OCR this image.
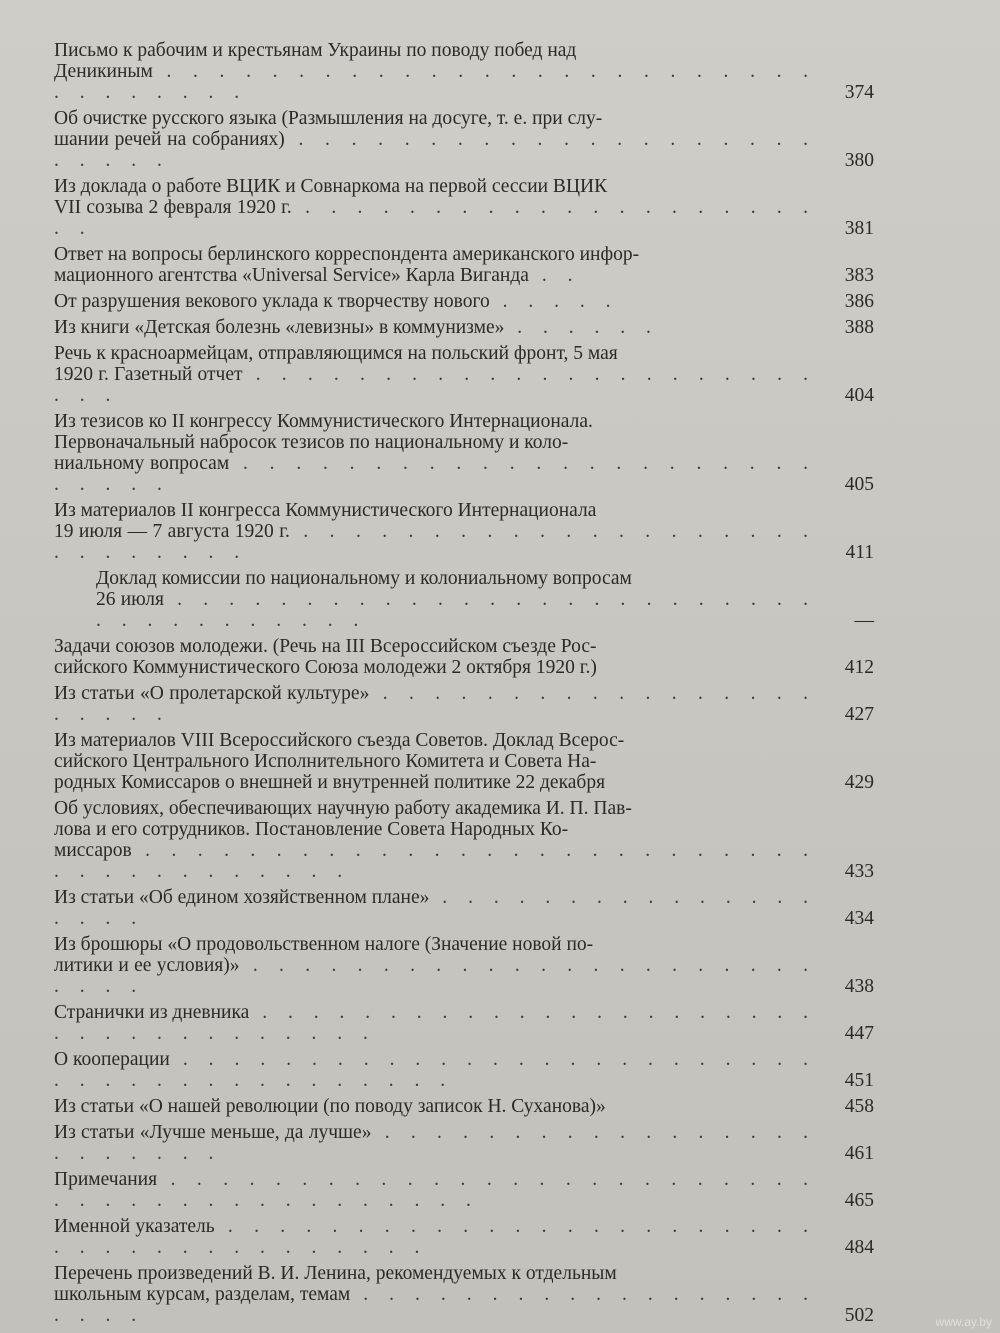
Письмо к рабочим и крестьянам Украины по поводу побед над
Деникиным . . . . . . . . . . . . . . . . . . . . . . . . . . . . . . . . .	374
Об очистке русского языка (Размышления на досуге, т. е. при слу-
шании речей на собраниях) . . . . . . . . . . . . . . . . . . . . . . . . .	380
Из доклада о работе ВЦИК и Совнаркома на первой сессии ВЦИК
VII созыва 2 февраля 1920 г. . . . . . . . . . . . . . . . . . . . . . .	381
Ответ на вопросы берлинского корреспондента американского инфор-
мационного агентства «Universal Service» Карла Виганда . .	383
От разрушения векового уклада к творчеству нового . . . . .	386
Из книги «Детская болезнь «левизны» в коммунизме» . . . . . .	388
Речь к красноармейцам, отправляющимся на польский фронт, 5 мая
1920 г. Газетный отчет . . . . . . . . . . . . . . . . . . . . . . . . .	404
Из тезисов ко II конгрессу Коммунистического Интернационала.
Первоначальный набросок тезисов по национальному и коло-
ниальному вопросам . . . . . . . . . . . . . . . . . . . . . . . . . . .	405
Из материалов II конгресса Коммунистического Интернационала
19 июля — 7 августа 1920 г. . . . . . . . . . . . . . . . . . . . . . . . . . . . .	411
Доклад комиссии по национальному и колониальному вопросам
26 июля . . . . . . . . . . . . . . . . . . . . . . . . . . . . . . . . . . . .	—
Задачи союзов молодежи. (Речь на III Всероссийском съезде Рос-
сийского Коммунистического Союза молодежи 2 октября 1920 г.)	412
Из статьи «О пролетарской культуре» . . . . . . . . . . . . . . . . . . . . . .	427
Из материалов VIII Всероссийского съезда Советов. Доклад Всерос-
сийского Центрального Исполнительного Комитета и Совета На-
родных Комиссаров о внешней и внутренней политике 22 декабря	429
Об условиях, обеспечивающих научную работу академика И. П. Пав-
лова и его сотрудников. Постановление Совета Народных Ко-
миссаров . . . . . . . . . . . . . . . . . . . . . . . . . . . . . . . . . . . . . .	433
Из статьи «Об едином хозяйственном плане» . . . . . . . . . . . . . . . . . . .	434
Из брошюры «О продовольственном налоге (Значение новой по-
литики и ее условия)» . . . . . . . . . . . . . . . . . . . . . . . . . .	438
Странички из дневника . . . . . . . . . . . . . . . . . . . . . . . . . . . . . . . . . . .	447
О кооперации . . . . . . . . . . . . . . . . . . . . . . . . . . . . . . . . . . . . . . . . .	451
Из статьи «О нашей революции (по поводу записок Н. Суханова)»	458
Из статьи «Лучше меньше, да лучше» . . . . . . . . . . . . . . . . . . . . . . . .	461
Примечания . . . . . . . . . . . . . . . . . . . . . . . . . . . . . . . . . . . . . . . . . .	465
Именной указатель . . . . . . . . . . . . . . . . . . . . . . . . . . . . . . . . . . . . . .	484
Перечень произведений В. И. Ленина, рекомендуемых к отдельным
школьным курсам, разделам, темам . . . . . . . . . . . . . . . . . . . . . .	502	www.ay.by
